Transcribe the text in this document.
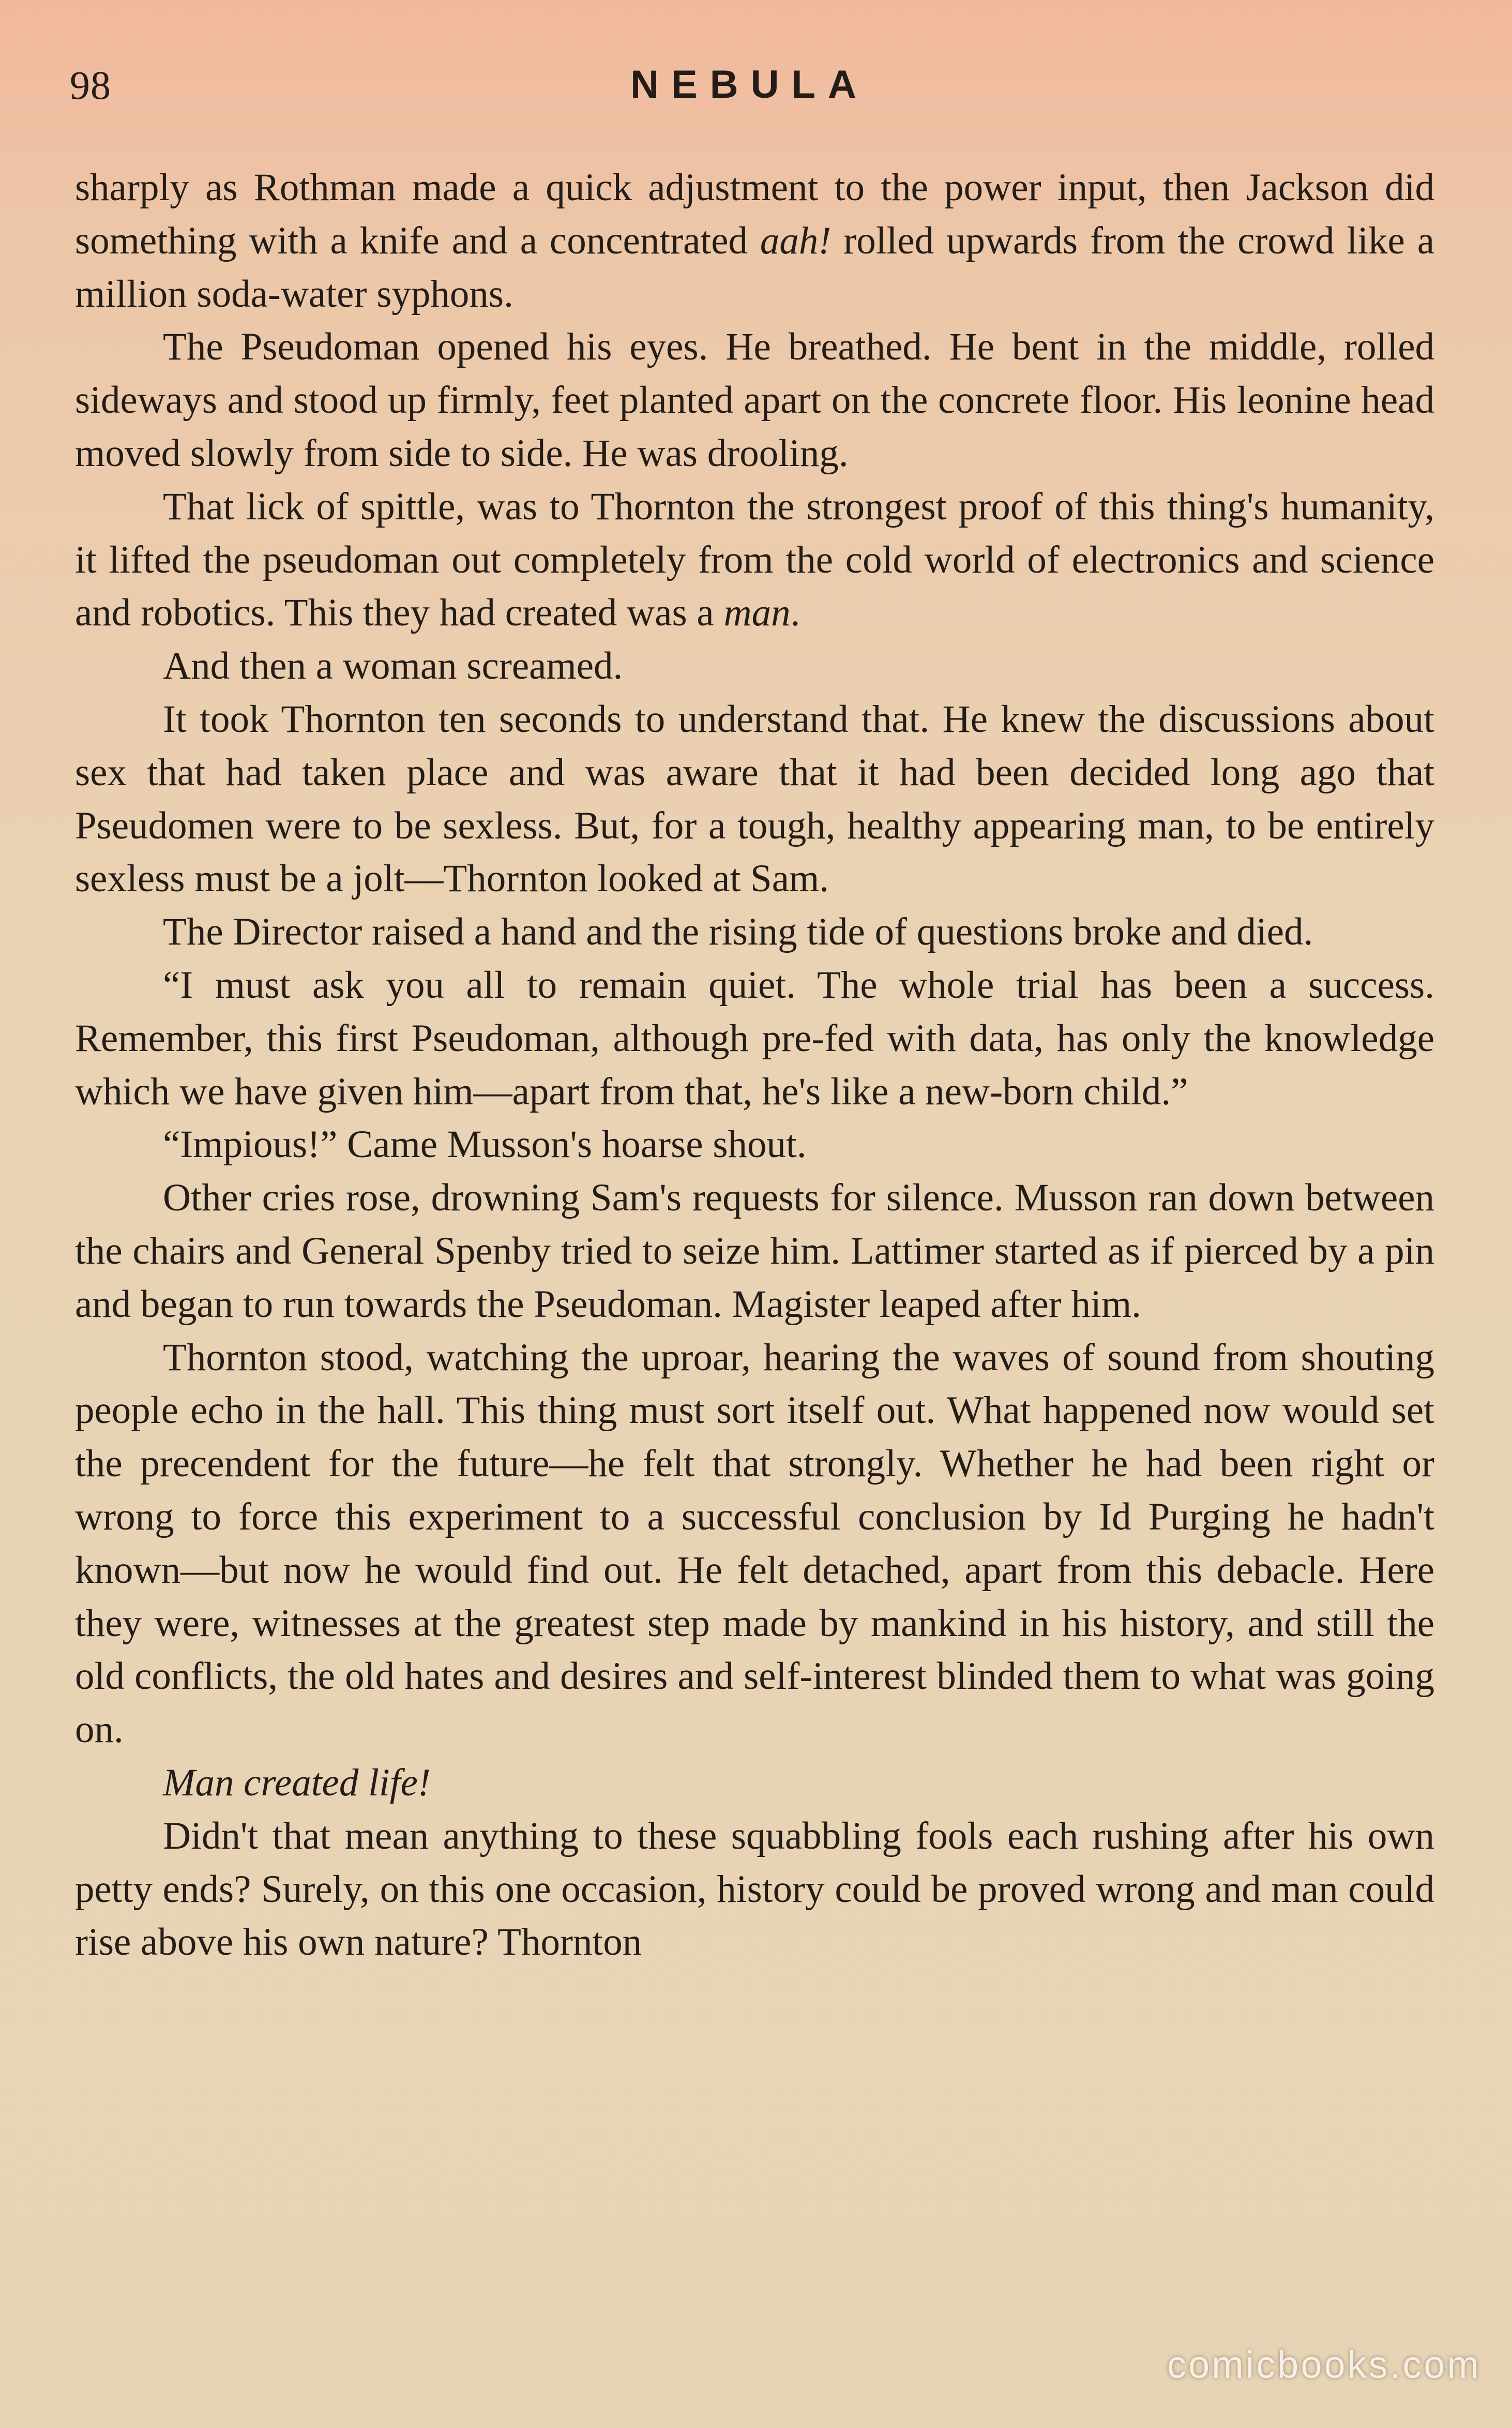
98	NEBULA

sharply as Rothman made a quick adjustment to the power input, then Jackson did something with a knife and a concentrated aah! rolled upwards from the crowd like a million soda-water syphons.

The Pseudoman opened his eyes. He breathed. He bent in the middle, rolled sideways and stood up firmly, feet planted apart on the concrete floor. His leonine head moved slowly from side to side. He was drooling.

That lick of spittle, was to Thornton the strongest proof of this thing's humanity, it lifted the pseudoman out completely from the cold world of electronics and science and robotics. This they had created was a man.

And then a woman screamed.

It took Thornton ten seconds to understand that. He knew the discussions about sex that had taken place and was aware that it had been decided long ago that Pseudomen were to be sexless. But, for a tough, healthy appearing man, to be entirely sexless must be a jolt—Thornton looked at Sam.

The Director raised a hand and the rising tide of questions broke and died.

“I must ask you all to remain quiet. The whole trial has been a success. Remember, this first Pseudoman, although pre-fed with data, has only the knowledge which we have given him—apart from that, he's like a new-born child.”

“Impious!” Came Musson's hoarse shout.

Other cries rose, drowning Sam's requests for silence. Musson ran down between the chairs and General Spenby tried to seize him. Lattimer started as if pierced by a pin and began to run towards the Pseudoman. Magister leaped after him.

Thornton stood, watching the uproar, hearing the waves of sound from shouting people echo in the hall. This thing must sort itself out. What happened now would set the precendent for the future—he felt that strongly. Whether he had been right or wrong to force this experiment to a successful conclusion by Id Purging he hadn't known—but now he would find out. He felt detached, apart from this debacle. Here they were, witnesses at the greatest step made by mankind in his history, and still the old conflicts, the old hates and desires and self-interest blinded them to what was going on.

Man created life!

Didn't that mean anything to these squabbling fools each rushing after his own petty ends? Surely, on this one occasion, history could be proved wrong and man could rise above his own nature? Thornton

comicbooks.com
